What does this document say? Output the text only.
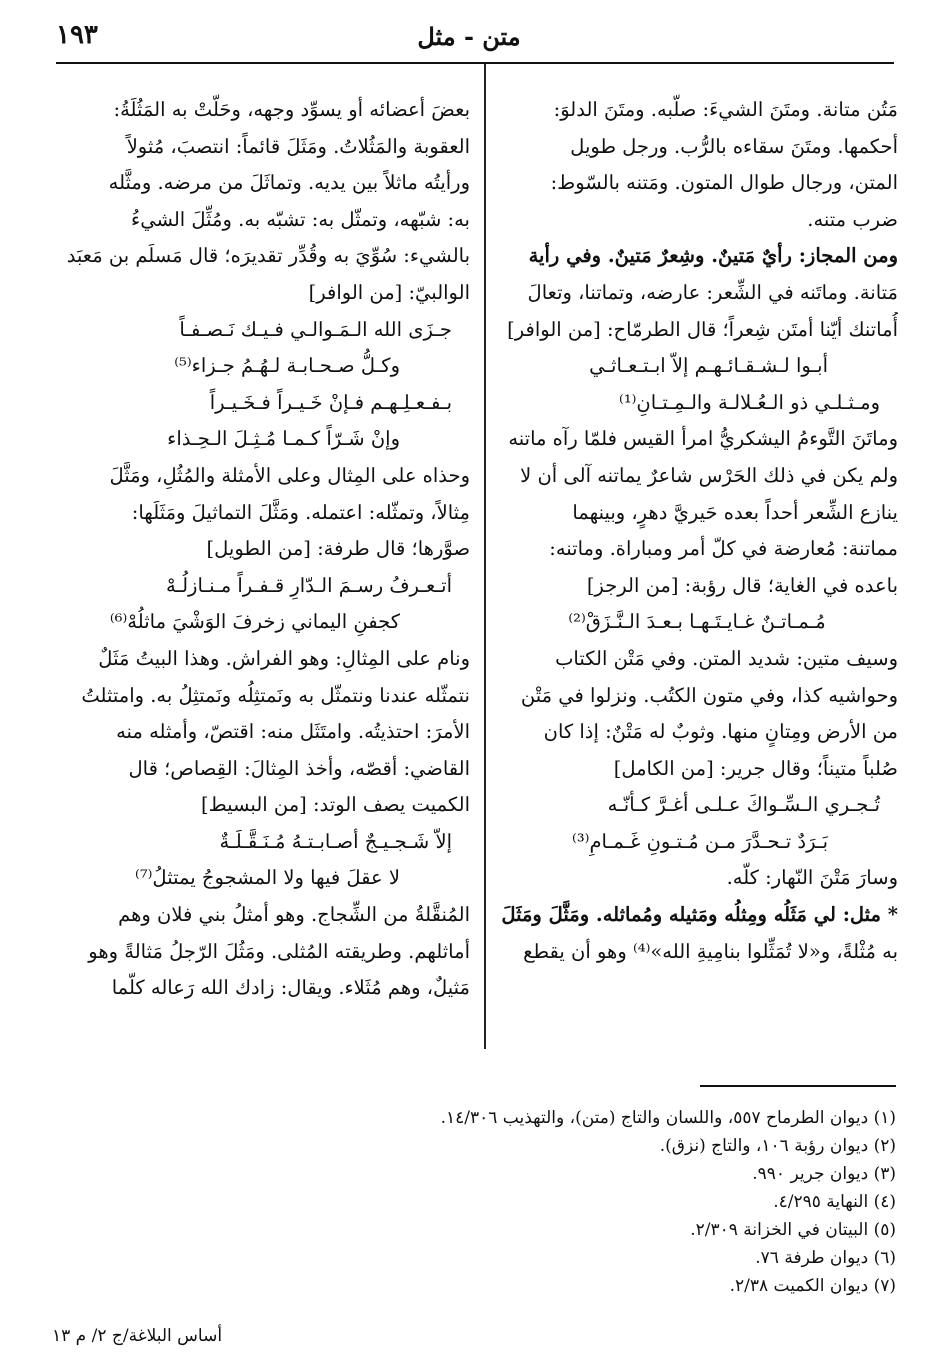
متن - مثل
١٩٣
مَتُن متانة. ومتَنَ الشيءَ: صلّبه. ومتَنَ الدلوَ:
أحكمها. ومتَنَ سقاءه بالرُّب. ورجل طويل
المتن، ورجال طوال المتون. ومَتنه بالسّوط:
ضرب متنه.
ومن المجاز: رأيٌ مَتينٌ. وشِعرٌ مَتينٌ. وفي رأية
مَتانة. وماتَنه في الشِّعر: عارضه، وتماتنا، وتعالَ
أُماتنك أيّنا أمتَن شِعراً؛ قال الطرمّاح: [من الوافر]
أبـوا لـشـقـائـهـم إلاّ ابـتـعـاثـي
ومـثـلـي ذو الـعُـلالـة والـمِـتـانِ⁽¹⁾
وماتَنَ التَّوءمُ اليشكريُّ امرأ القيس فلمّا رآه ماتنه
ولم يكن في ذلك الحَرْس شاعرٌ يماتنه آلى أن لا
ينازع الشِّعر أحداً بعده حَيريَّ دهرٍ، وبينهما
مماتنة: مُعارضة في كلّ أمر ومباراة. وماتنه:
باعده في الغاية؛ قال رؤبة: [من الرجز]
مُـمـاتـنٌ غـايـتَـهـا بـعـدَ الـنَّـزَقْ⁽²⁾
وسيف متين: شديد المتن. وفي مَتْن الكتاب
وحواشيه كذا، وفي متون الكتُب. ونزلوا في مَتْن
من الأرض ومِتانٍ منها. وثوبٌ له مَتْنٌ: إذا كان
صُلباً متيناً؛ وقال جرير: [من الكامل]
تُـجـري الـسِّـواكَ عـلـى أغـرَّ كـأنّـه
بَـرَدٌ تـحـدَّرَ مـن مُـتـونِ غَـمـامِ⁽³⁾
وسارَ مَتْنَ النّهار: كلّه.
* مثل: لي مَثَلُه ومِثلُه ومَثيله ومُماثله. ومَثَّلَ ومَثَلَ
به مُثْلةً، و«لا تُمَثِّلوا بنامِيةِ الله»⁽⁴⁾ وهو أن يقطع
بعضَ أعضائه أو يسوِّد وجهه، وحَلّتْ به المَثُلَةُ:
العقوبة والمَثُلاتُ. ومَثَلَ قائماً: انتصبَ، مُثولاً
ورأيتُه ماثلاً بين يديه. وتماثَلَ من مرضه. ومثَّله
به: شبّهه، وتمثّل به: تشبّه به. ومُثِّلَ الشيءُ
بالشيء: سُوِّيَ به وقُدِّر تقديرَه؛ قال مَسلَم بن مَعبَد
الوالبيّ: [من الوافر]
جـزَى الله الـمَـوالـي فـيـك نَـصـفـاً
وكـلُّ صـحـابـة لـهُـمُ جـزاء⁽⁵⁾
بـفـعـلِـهـم فـإنْ خَـيـراً فـخَـيـراً
وإنْ شَـرّاً كـمـا مُـثِـلَ الـحِـذاء
وحذاه على المِثال وعلى الأمثلة والمُثُلِ، ومَثَّلَ
مِثالاً، وتمثّله: اعتمله. ومَثَّلَ التماثيلَ ومَثَلَها:
صوَّرها؛ قال طرفة: [من الطويل]
أتـعـرفُ رسـمَ الـدّارِ قـفـراً مـنـازلُـهْ
كجفنِ اليماني زخرفَ الوَشْيَ ماثلُهْ⁽⁶⁾
ونام على المِثالِ: وهو الفراش. وهذا البيتُ مَثَلٌ
نتمثّله عندنا ونتمثّل به ونَمتثِلُه ونَمتثِلُ به. وامتثلتُ
الأمرَ: احتذيتُه. وامتَثَل منه: اقتصّ، وأمثله منه
القاضي: أقصّه، وأخذ المِثالَ: القِصاص؛ قال
الكميت يصف الوتد: [من البسيط]
إلاّ شَـجـيـجٌ أصـابـتـهُ مُـنَـقَّـلَـةٌ
لا عقلَ فيها ولا المشجوجُ يمتثلُ⁽⁷⁾
المُنقَّلةُ من الشِّجاج. وهو أمثلُ بني فلان وهم
أماثلهم. وطريقته المُثلى. ومَثُلَ الرّجلُ مَثالةً وهو
مَثيلٌ، وهم مُثَلاء. ويقال: زادك الله رَعاله كلّما
(١) ديوان الطرماح ٥٥٧، واللسان والتاج (متن)، والتهذيب ١٤/٣٠٦.
(٢) ديوان رؤبة ١٠٦، والتاج (نزق).
(٣) ديوان جرير ٩٩٠.
(٤) النهاية ٤/٢٩٥.
(٥) البيتان في الخزانة ٢/٣٠٩.
(٦) ديوان طرفة ٧٦.
(٧) ديوان الكميت ٢/٣٨.
أساس البلاغة/ج ٢/ م ١٣
